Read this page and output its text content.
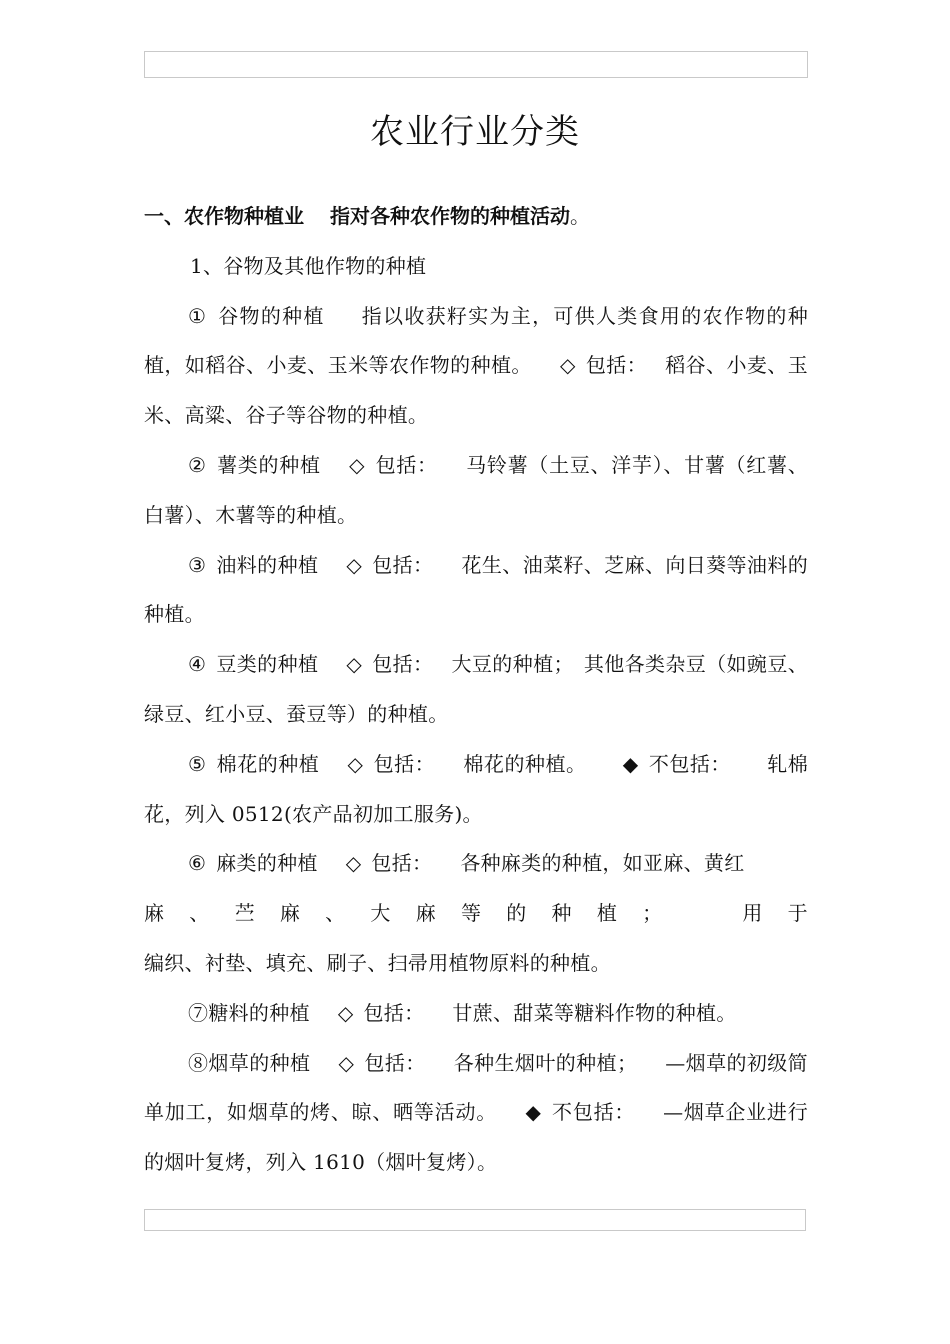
农业行业分类

一、农作物种植业 指对各种农作物的种植活动。

1、谷物及其他作物的种植

① 谷物的种植 指以收获籽实为主，可供人类食用的农作物的种植，如稻谷、小麦、玉米等农作物的种植。 ◇ 包括： 稻谷、小麦、玉米、高粱、谷子等谷物的种植。

② 薯类的种植 ◇ 包括： 马铃薯（土豆、洋芋）、甘薯（红薯、白薯）、木薯等的种植。

③ 油料的种植 ◇ 包括： 花生、油菜籽、芝麻、向日葵等油料的种植。

④ 豆类的种植 ◇ 包括： 大豆的种植； 其他各类杂豆（如豌豆、绿豆、红小豆、蚕豆等）的种植。

⑤ 棉花的种植 ◇ 包括： 棉花的种植。 ◆ 不包括： 轧棉花，列入 0512(农产品初加工服务)。

⑥ 麻类的种植 ◇ 包括： 各种麻类的种植，如亚麻、黄红

麻 、 苎 麻 、 大 麻 等 的 种 植 ；	用 于

编织、衬垫、填充、刷子、扫帚用植物原料的种植。

⑦糖料的种植 ◇ 包括： 甘蔗、甜菜等糖料作物的种植。

⑧烟草的种植 ◇ 包括： 各种生烟叶的种植； —烟草的初级简单加工，如烟草的烤、晾、晒等活动。 ◆ 不包括： —烟草企业进行的烟叶复烤，列入 1610（烟叶复烤）。
